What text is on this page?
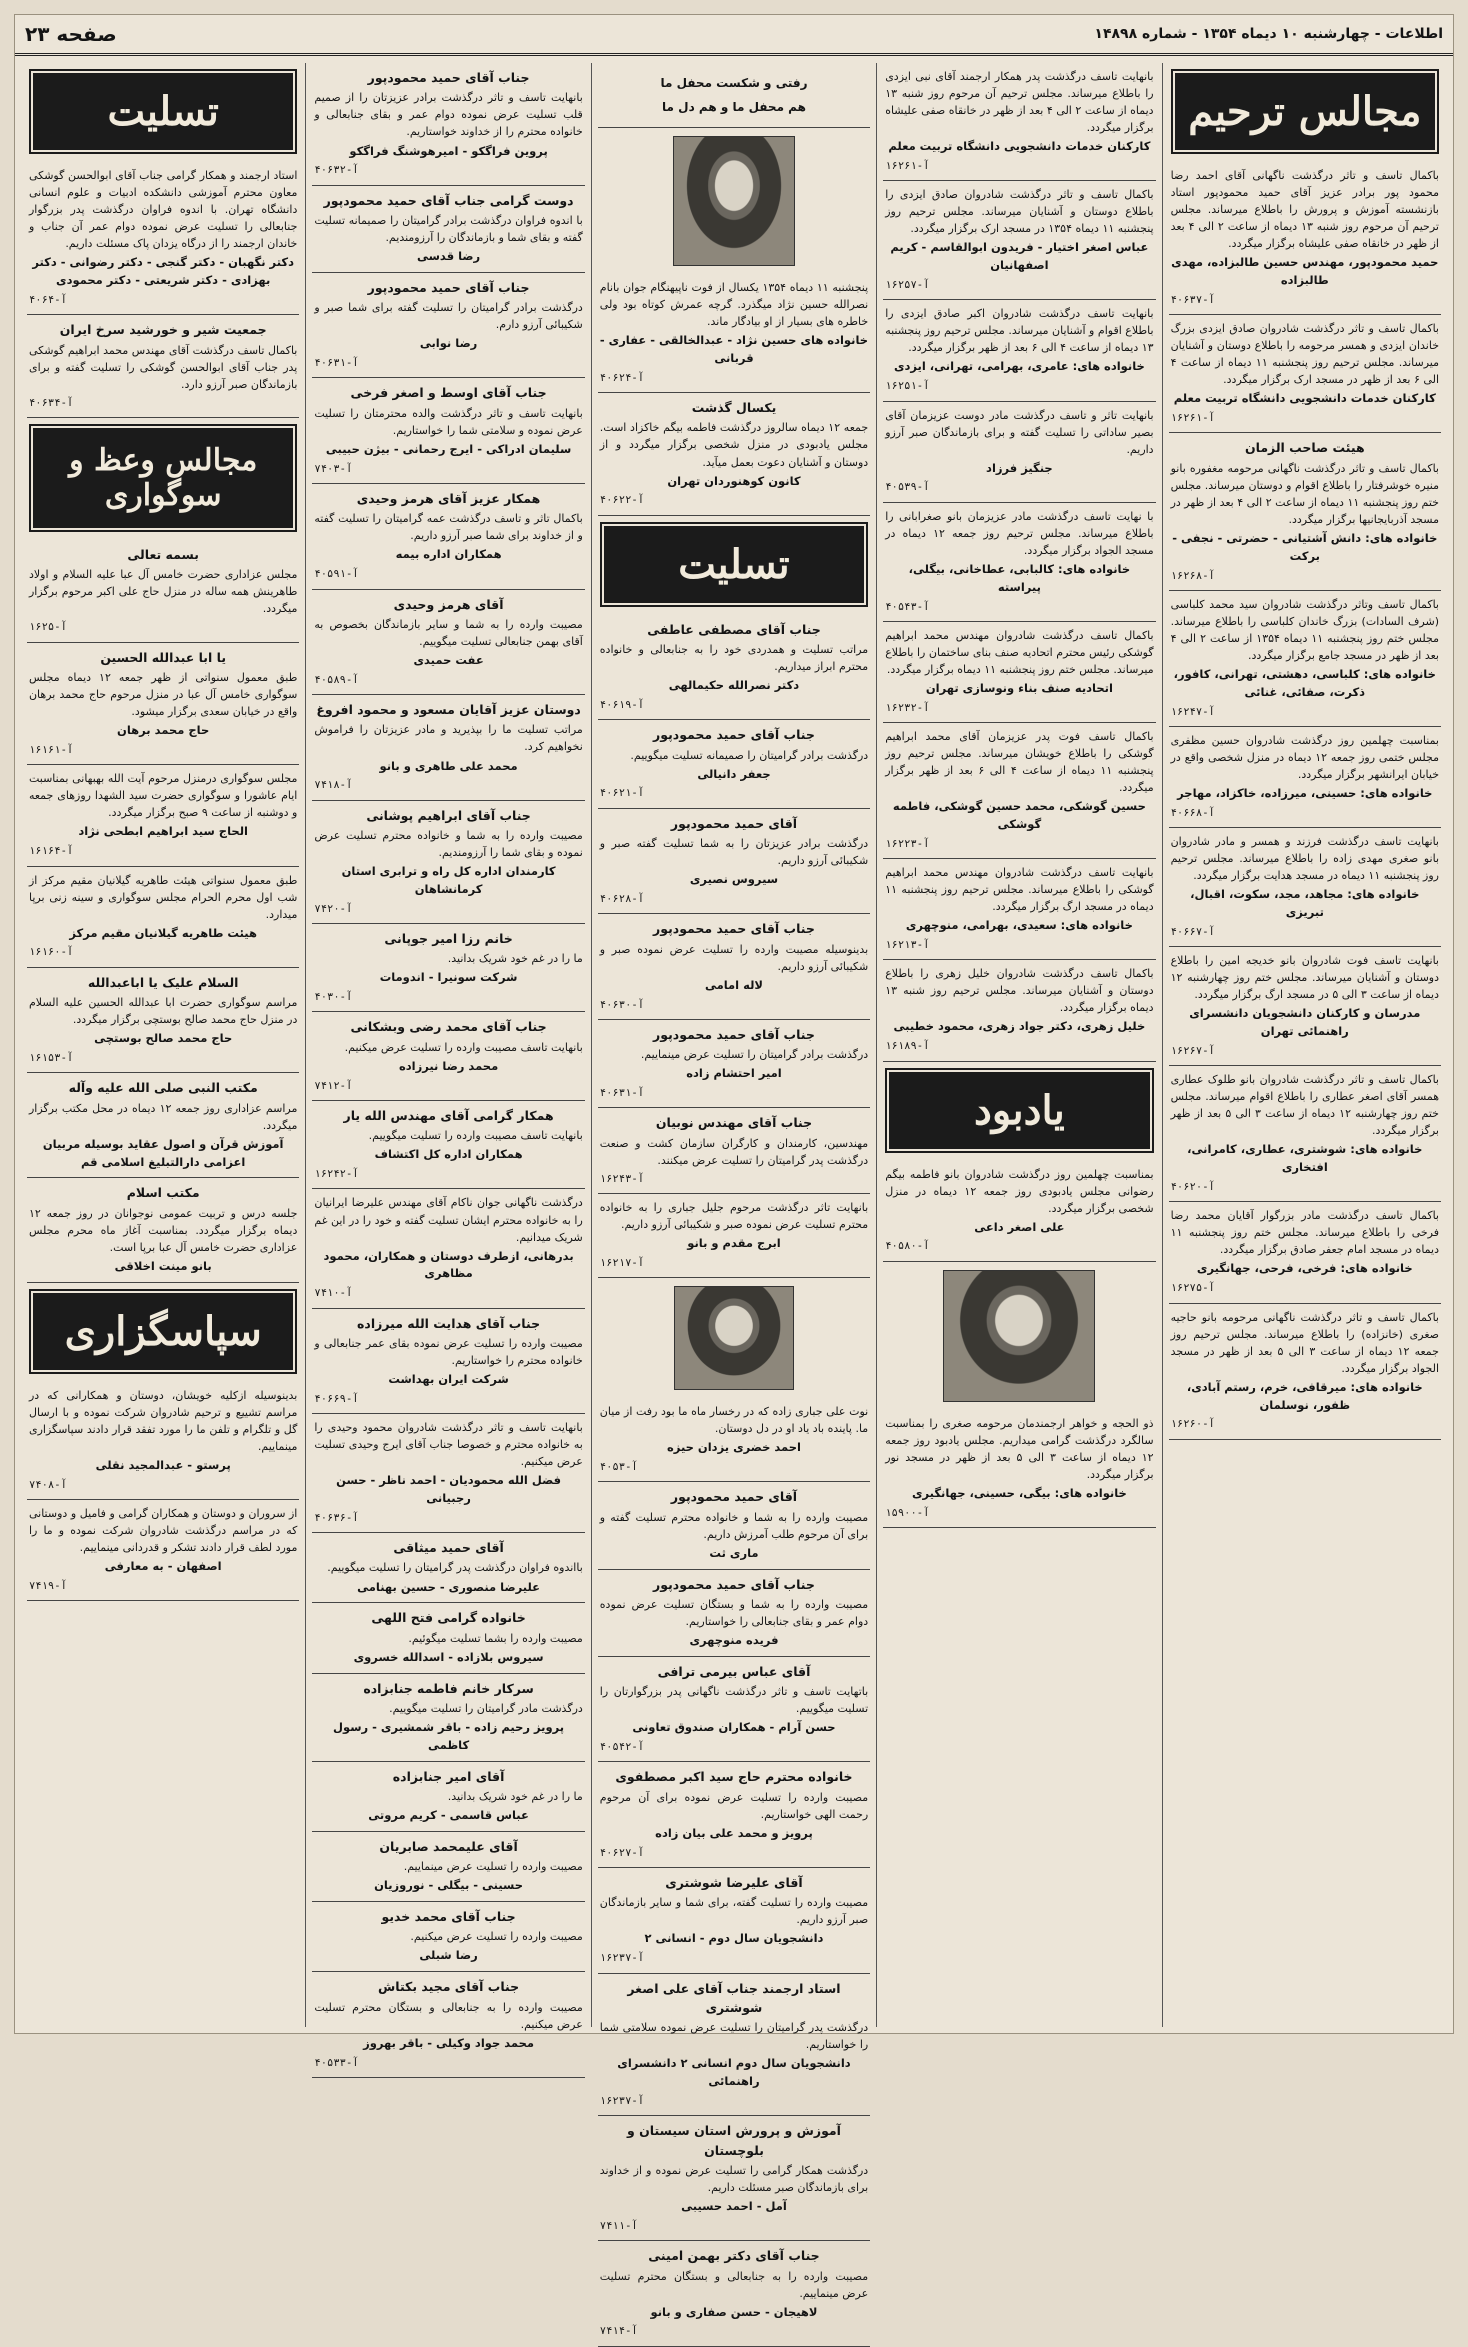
اطلاعات - چهارشنبه ۱۰ دیماه ۱۳۵۴ - شماره ۱۴۸۹۸
صفحه ۲۳
مجالس ترحیم
باکمال تاسف و تاثر درگذشت ناگهانی آقای احمد رضا محمود پور برادر عزیز آقای حمید محمودپور استاد بازنشسته آموزش و پرورش را باطلاع میرساند. مجلس ترحیم آن مرحوم روز شنبه ۱۳ دیماه از ساعت ۲ الی ۴ بعد از ظهر در خانقاه صفی علیشاه برگزار میگردد.
حمید محمودپور، مهندس حسین طالبزاده، مهدی طالبزاده
آ-۴۰۶۳۷
باکمال تاسف و تاثر درگذشت شادروان صادق ایزدی بزرگ خاندان ایزدی و همسر مرحومه را باطلاع دوستان و آشنایان میرساند. مجلس ترحیم روز پنجشنبه ۱۱ دیماه از ساعت ۴ الی ۶ بعد از ظهر در مسجد ارک برگزار میگردد.
کارکنان خدمات دانشجویی دانشگاه تربیت معلم
آ-۱۶۲۶۱
هیئت صاحب الزمان
باکمال تاسف و تاثر درگذشت ناگهانی مرحومه مغفوره بانو منیره خوشرفتار را باطلاع اقوام و دوستان میرساند. مجلس ختم روز پنجشنبه ۱۱ دیماه از ساعت ۲ الی ۴ بعد از ظهر در مسجد آذربایجانیها برگزار میگردد.
خانواده های: دانش آشتیانی - حضرتی - نجفی - برکت
آ-۱۶۲۶۸
باکمال تاسف وتاثر درگذشت شادروان سید محمد کلباسی (شرف السادات) بزرگ خاندان کلباسی را باطلاع میرساند. مجلس ختم روز پنجشنبه ۱۱ دیماه ۱۳۵۴ از ساعت ۲ الی ۴ بعد از ظهر در مسجد جامع برگزار میگردد.
خانواده های: کلباسی، دهشتی، تهرانی، کافور، ذکرت، صفائی، غنائی
آ-۱۶۲۴۷
بمناسبت چهلمین روز درگذشت شادروان حسین مظفری مجلس ختمی روز جمعه ۱۲ دیماه در منزل شخصی واقع در خیابان ایرانشهر برگزار میگردد.
خانواده های: حسینی، میرزاده، خاکزاد، مهاجر
آ-۴۰۶۶۸
بانهایت تاسف درگذشت فرزند و همسر و مادر شادروان بانو صغری مهدی زاده را باطلاع میرساند. مجلس ترحیم روز پنجشنبه ۱۱ دیماه در مسجد هدایت برگزار میگردد.
خانواده های: مجاهد، مجد، سکوت، اقبال، تبریزی
آ-۴۰۶۶۷
بانهایت تاسف فوت شادروان بانو خدیجه امین را باطلاع دوستان و آشنایان میرساند. مجلس ختم روز چهارشنبه ۱۲ دیماه از ساعت ۳ الی ۵ در مسجد ارگ برگزار میگردد.
مدرسان و کارکنان دانشجویان دانشسرای راهنمائی تهران
آ-۱۶۲۶۷
باکمال تاسف و تاثر درگذشت شادروان بانو طلوک عطاری همسر آقای اصغر عطاری را باطلاع اقوام میرساند. مجلس ختم روز چهارشنبه ۱۲ دیماه از ساعت ۳ الی ۵ بعد از ظهر برگزار میگردد.
خانواده های: شوشتری، عطاری، کامرانی، افتخاری
آ-۴۰۶۲۰
باکمال تاسف درگذشت مادر بزرگوار آقایان محمد رضا فرخی را باطلاع میرساند. مجلس ختم روز پنجشنبه ۱۱ دیماه در مسجد امام جعفر صادق برگزار میگردد.
خانواده های: فرخی، فرحی، جهانگیری
آ-۱۶۲۷۵
باکمال تاسف و تاثر درگذشت ناگهانی مرحومه بانو حاجیه صغری (خانزاده) را باطلاع میرساند. مجلس ترحیم روز جمعه ۱۲ دیماه از ساعت ۳ الی ۵ بعد از ظهر در مسجد الجواد برگزار میگردد.
خانواده های: میرقافی، خرم، رستم آبادی، ظفور، نوسلمان
آ-۱۶۲۶۰
بانهایت تاسف درگذشت پدر همکار ارجمند آقای نبی ایزدی را باطلاع میرساند. مجلس ترحیم آن مرحوم روز شنبه ۱۳ دیماه از ساعت ۲ الی ۴ بعد از ظهر در خانقاه صفی علیشاه برگزار میگردد.
کارکنان خدمات دانشجویی دانشگاه تربیت معلم
آ-۱۶۲۶۱
باکمال تاسف و تاثر درگذشت شادروان صادق ایزدی را باطلاع دوستان و آشنایان میرساند. مجلس ترحیم روز پنجشنبه ۱۱ دیماه ۱۳۵۴ در مسجد ارک برگزار میگردد.
عباس اصغر اختیار - فریدون ابوالقاسم - کریم اصفهانیان
آ-۱۶۲۵۷
بانهایت تاسف درگذشت شادروان اکبر صادق ایزدی را باطلاع اقوام و آشنایان میرساند. مجلس ترحیم روز پنجشنبه ۱۳ دیماه از ساعت ۴ الی ۶ بعد از ظهر برگزار میگردد.
خانواده های: عامری، بهرامی، تهرانی، ایزدی
آ-۱۶۲۵۱
بانهایت تاثر و تاسف درگذشت مادر دوست عزیزمان آقای بصیر ساداتی را تسلیت گفته و برای بازماندگان صبر آرزو داریم.
جنگیز فرزاد
آ-۴۰۵۳۹
با نهایت تاسف درگذشت مادر عزیزمان بانو صغرابانی را باطلاع میرساند. مجلس ترحیم روز جمعه ۱۲ دیماه در مسجد الجواد برگزار میگردد.
خانواده های: کالبابی، عطاخانی، بیگلی، پیراسته
آ-۴۰۵۴۳
باکمال تاسف درگذشت شادروان مهندس محمد ابراهیم گوشکی رئیس محترم اتحادیه صنف بنای ساختمان را باطلاع میرساند. مجلس ختم روز پنجشنبه ۱۱ دیماه برگزار میگردد.
اتحادیه صنف بناء ونوسازی تهران
آ-۱۶۲۳۲
باکمال تاسف فوت پدر عزیزمان آقای محمد ابراهیم گوشکی را باطلاع خویشان میرساند. مجلس ترحیم روز پنجشنبه ۱۱ دیماه از ساعت ۴ الی ۶ بعد از ظهر برگزار میگردد.
حسین گوشکی، محمد حسین گوشکی، فاطمه گوشکی
آ-۱۶۲۲۳
بانهایت تاسف درگذشت شادروان مهندس محمد ابراهیم گوشکی را باطلاع میرساند. مجلس ترحیم روز پنجشنبه ۱۱ دیماه در مسجد ارگ برگزار میگردد.
خانواده های: سعیدی، بهرامی، منوچهری
آ-۱۶۲۱۳
باکمال تاسف درگذشت شادروان خلیل زهری را باطلاع دوستان و آشنایان میرساند. مجلس ترحیم روز شنبه ۱۳ دیماه برگزار میگردد.
خلیل زهری، دکتر جواد زهری، محمود خطیبی
آ-۱۶۱۸۹
یادبود
بمناسبت چهلمین روز درگذشت شادروان بانو فاطمه بیگم رضوانی مجلس یادبودی روز جمعه ۱۲ دیماه در منزل شخصی برگزار میگردد.
علی اصغر داعی
آ-۴۰۵۸۰
ذو الحجه و خواهر ارجمندمان مرحومه صغری را بمناسبت سالگرد درگذشت گرامی میداریم. مجلس یادبود روز جمعه ۱۲ دیماه از ساعت ۳ الی ۵ بعد از ظهر در مسجد نور برگزار میگردد.
خانواده های: بیگی، حسینی، جهانگیری
آ-۱۵۹۰۰
رفتی و شکست محفل ما
هم محفل ما و هم دل ما
پنجشنبه ۱۱ دیماه ۱۳۵۴ یکسال از فوت ناپیهنگام جوان بانام نصرالله حسین نژاد میگذرد. گرچه عمرش کوتاه بود ولی خاطره های بسیار از او بیادگار ماند.
خانواده های حسین نژاد - عبدالخالقی - عفاری - قربانی
آ-۴۰۶۲۴
یکسال گذشت
جمعه ۱۲ دیماه سالروز درگذشت فاطمه بیگم خاکزاد است. مجلس یادبودی در منزل شخصی برگزار میگردد و از دوستان و آشنایان دعوت بعمل میآید.
کانون کوهنوردان تهران
آ-۴۰۶۲۲
تسلیت
جناب آقای مصطفی عاطفی
مراتب تسلیت و همدردی خود را به جنابعالی و خانواده محترم ابراز میداریم.
دکتر نصرالله حکیمالهی
آ-۴۰۶۱۹
جناب آقای حمید محمودپور
درگذشت برادر گرامیتان را صمیمانه تسلیت میگوییم.
جعفر دانیالی
آ-۴۰۶۲۱
آقای حمید محمودپور
درگذشت برادر عزیزتان را به شما تسلیت گفته صبر و شکیبائی آرزو داریم.
سیروس نصیری
آ-۴۰۶۲۸
جناب آقای حمید محمودپور
بدینوسیله مصیبت وارده را تسلیت عرض نموده صبر و شکیبائی آرزو داریم.
لاله امامی
آ-۴۰۶۳۰
جناب آقای حمید محمودپور
درگذشت برادر گرامیتان را تسلیت عرض مینماییم.
امیر احتشام زاده
آ-۴۰۶۳۱
جناب آقای مهندس نوبیان
مهندسین، کارمندان و کارگران سازمان کشت و صنعت درگذشت پدر گرامیتان را تسلیت عرض میکنند.
آ-۱۶۲۴۳
بانهایت تاثر درگذشت مرحوم جلیل جباری را به خانواده محترم تسلیت عرض نموده صبر و شکیبائی آرزو داریم.
ابرج مقدم و بانو
آ-۱۶۲۱۷
نوت علی جباری زاده که در رخسار ماه ما بود رفت از میان ما. پاینده باد یاد او در دل دوستان.
احمد خضری یزدان حیزه
آ-۴۰۵۳
آقای حمید محمودپور
مصیبت وارده را به شما و خانواده محترم تسلیت گفته و برای آن مرحوم طلب آمرزش داریم.
ماری ثت
جناب آقای حمید محمودپور
مصیبت وارده را به شما و بستگان تسلیت عرض نموده دوام عمر و بقای جنابعالی را خواستاریم.
فریده منوچهری
آقای عباس بیرمی ترافی
باتهایت تاسف و تاثر درگذشت ناگهانی پدر بزرگوارتان را تسلیت میگوییم.
حسن آرام - همکاران صندوق تعاونی
آ-۴۰۵۴۲
خانواده محترم حاج سید اکبر مصطفوی
مصیبت وارده را تسلیت عرض نموده برای آن مرحوم رحمت الهی خواستاریم.
پرویز و محمد علی بیان زاده
آ-۴۰۶۲۷
آقای علیرضا شوشتری
مصیبت وارده را تسلیت گفته، برای شما و سایر بازماندگان صبر آرزو داریم.
دانشجویان سال دوم - انسانی ۲
آ-۱۶۲۳۷
استاد ارجمند جناب آقای علی اصغر شوشتری
درگذشت پدر گرامیتان را تسلیت عرض نموده سلامتی شما را خواستاریم.
دانشجویان سال دوم انسانی ۲ دانشسرای راهنمائی
آ-۱۶۲۳۷
آموزش و پرورش استان سیستان و بلوچستان
درگذشت همکار گرامی را تسلیت عرض نموده و از خداوند برای بازماندگان صبر مسئلت داریم.
آمل - احمد حسیبی
آ-۷۴۱۱
جناب آقای دکتر بهمن امینی
مصیبت وارده را به جنابعالی و بستگان محترم تسلیت عرض مینماییم.
لاهیجان - حسن صفاری و بانو
آ-۷۴۱۴
جناب آقای حمید محمودپور
بانهایت تاسف و تاثر درگذشت برادر عزیزتان را از صمیم قلب تسلیت عرض نموده دوام عمر و بقای جنابعالی و خانواده محترم را از خداوند خواستاریم.
پروین فراگکو - امیرهوشنگ فراگکو
آ-۴۰۶۳۲
دوست گرامی جناب آقای حمید محمودپور
با اندوه فراوان درگذشت برادر گرامیتان را صمیمانه تسلیت گفته و بقای شما و بازماندگان را آرزومندیم.
رضا قدسی
جناب آقای حمید محمودپور
درگذشت برادر گرامیتان را تسلیت گفته برای شما صبر و شکیبائی آرزو دارم.
رضا نوابی
آ-۴۰۶۳۱
جناب آقای اوسط و اصغر فرخی
بانهایت تاسف و تاثر درگذشت والده محترمتان را تسلیت عرض نموده و سلامتی شما را خواستاریم.
سلیمان ادراکی - ایرج رحمانی - بیژن حبیبی
آ-۷۴۰۳
همکار عزیز آقای هرمز وحیدی
باکمال تاثر و تاسف درگذشت عمه گرامیتان را تسلیت گفته و از خداوند برای شما صبر آرزو داریم.
همکاران اداره بیمه
آ-۴۰۵۹۱
آقای هرمز وحیدی
مصیبت وارده را به شما و سایر بازماندگان بخصوص به آقای بهمن جنابعالی تسلیت میگوییم.
عفت حمیدی
آ-۴۰۵۸۹
دوستان عزیز آقایان مسعود و محمود افروغ
مراتب تسلیت ما را بپذیرید و مادر عزیزتان را فراموش نخواهیم کرد.
محمد علی طاهری و بانو
آ-۷۴۱۸
جناب آقای ابراهیم پوشانی
مصیبت وارده را به شما و خانواده محترم تسلیت عرض نموده و بقای شما را آرزومندیم.
کارمندان اداره کل راه و ترابری استان کرمانشاهان
آ-۷۴۲۰
خانم رزا امیر جوپانی
ما را در غم خود شریک بدانید.
شرکت سونیرا - اندومات
آ-۴۰۳۰
جناب آقای محمد رضی وبشکانی
بانهایت تاسف مصیبت وارده را تسلیت عرض میکنیم.
محمد رضا نیرزاده
آ-۷۴۱۲
همکار گرامی آقای مهندس الله یار
بانهایت تاسف مصیبت وارده را تسلیت میگوییم.
همکاران اداره کل اکتشاف
آ-۱۶۲۴۲
درگذشت ناگهانی جوان ناکام آقای مهندس علیرضا ایرانیان را به خانواده محترم ایشان تسلیت گفته و خود را در این غم شریک میدانیم.
بدرهانی، ازطرف دوستان و همکاران، محمود مظاهری
آ-۷۴۱۰
جناب آقای هدایت الله میرزاده
مصیبت وارده را تسلیت عرض نموده بقای عمر جنابعالی و خانواده محترم را خواستاریم.
شرکت ایران بهداشت
آ-۴۰۶۶۹
بانهایت تاسف و تاثر درگذشت شادروان محمود وحیدی را به خانواده محترم و خصوصا جناب آقای ایرج وحیدی تسلیت عرض میکنیم.
فضل الله محمودیان - احمد ناظر - حسن رجبیانی
آ-۴۰۶۳۶
آقای حمید میثاقی
بااندوه فراوان درگذشت پدر گرامیتان را تسلیت میگوییم.
علیرضا منصوری - حسین بهنامی
خانواده گرامی فتح اللهی
مصیبت وارده را بشما تسلیت میگوئیم.
سیروس بلازاده - اسدالله خسروی
سرکار خانم فاطمه جنابزاده
درگذشت مادر گرامیتان را تسلیت میگوییم.
پرویز رحیم زاده - باقر شمشیری - رسول کاظمی
آقای امیر جنابزاده
ما را در غم خود شریک بدانید.
عباس قاسمی - کریم مروتی
آقای علیمحمد صابریان
مصیبت وارده را تسلیت عرض مینماییم.
حسینی - بیگلی - نوروزیان
جناب آقای محمد خدیو
مصیبت وارده را تسلیت عرض میکنیم.
رضا شبلی
جناب آقای مجید بکتاش
مصیبت وارده را به جنابعالی و بستگان محترم تسلیت عرض میکنیم.
محمد جواد وکیلی - باقر بهروز
آ-۴۰۵۳۳
تسلیت
استاد ارجمند و همکار گرامی جناب آقای ابوالحسن گوشکی معاون محترم آموزشی دانشکده ادبیات و علوم انسانی دانشگاه تهران. با اندوه فراوان درگذشت پدر بزرگوار جنابعالی را تسلیت عرض نموده دوام عمر آن جناب و خاندان ارجمند را از درگاه یزدان پاک مسئلت داریم.
دکتر نگهبان - دکتر گنجی - دکتر رضوانی - دکتر بهزادی - دکتر شریعتی - دکتر محمودی
آ-۴۰۶۴
جمعیت شیر و خورشید سرخ ایران
باکمال تاسف درگذشت آقای مهندس محمد ابراهیم گوشکی پدر جناب آقای ابوالحسن گوشکی را تسلیت گفته و برای بازماندگان صبر آرزو دارد.
آ-۴۰۶۳۴
مجالس وعظ و سوگواری
بسمه تعالی
مجلس عزاداری حضرت خامس آل عبا علیه السلام و اولاد طاهرینش همه ساله در منزل حاج علی اکبر مرحوم برگزار میگردد.
آ-۱۶۲۵
یا ابا عبدالله الحسین
طبق معمول سنواتی از ظهر جمعه ۱۲ دیماه مجلس سوگواری خامس آل عبا در منزل مرحوم حاج محمد برهان واقع در خیابان سعدی برگزار میشود.
حاج محمد برهان
آ-۱۶۱۶۱
مجلس سوگواری درمنزل مرحوم آیت الله بهبهانی بمناسبت ایام عاشورا و سوگواری حضرت سید الشهدا روزهای جمعه و دوشنبه از ساعت ۹ صبح برگزار میگردد.
الحاج سید ابراهیم ابطحی نژاد
آ-۱۶۱۶۴
طبق معمول سنواتی هیئت طاهریه گیلانیان مقیم مرکز از شب اول محرم الحرام مجلس سوگواری و سینه زنی برپا میدارد.
هیئت طاهریه گیلانیان مقیم مرکز
آ-۱۶۱۶۰
السلام علیک یا اباعبدالله
مراسم سوگواری حضرت ابا عبدالله الحسین علیه السلام در منزل حاج محمد صالح بوستچی برگزار میگردد.
حاج محمد صالح بوستچی
آ-۱۶۱۵۳
مکتب النبی صلی الله علیه وآله
مراسم عزاداری روز جمعه ۱۲ دیماه در محل مکتب برگزار میگردد.
آموزش قرآن و اصول عقاید بوسیله مربیان اعزامی دارالتبلیغ اسلامی قم
مکتب اسلام
جلسه درس و تربیت عمومی نوجوانان در روز جمعه ۱۲ دیماه برگزار میگردد. بمناسبت آغاز ماه محرم مجلس عزاداری حضرت خامس آل عبا برپا است.
بانو مینت اخلاقی
سپاسگزاری
بدینوسیله ازکلیه خویشان، دوستان و همکارانی که در مراسم تشییع و ترحیم شادروان شرکت نموده و با ارسال گل و تلگرام و تلفن ما را مورد تفقد قرار دادند سپاسگزاری مینماییم.
پرستو - عبدالمجید نقلی
آ-۷۴۰۸
از سروران و دوستان و همکاران گرامی و فامیل و دوستانی که در مراسم درگذشت شادروان شرکت نموده و ما را مورد لطف قرار دادند تشکر و قدردانی مینماییم.
اصفهان - به معارفی
آ-۷۴۱۹
